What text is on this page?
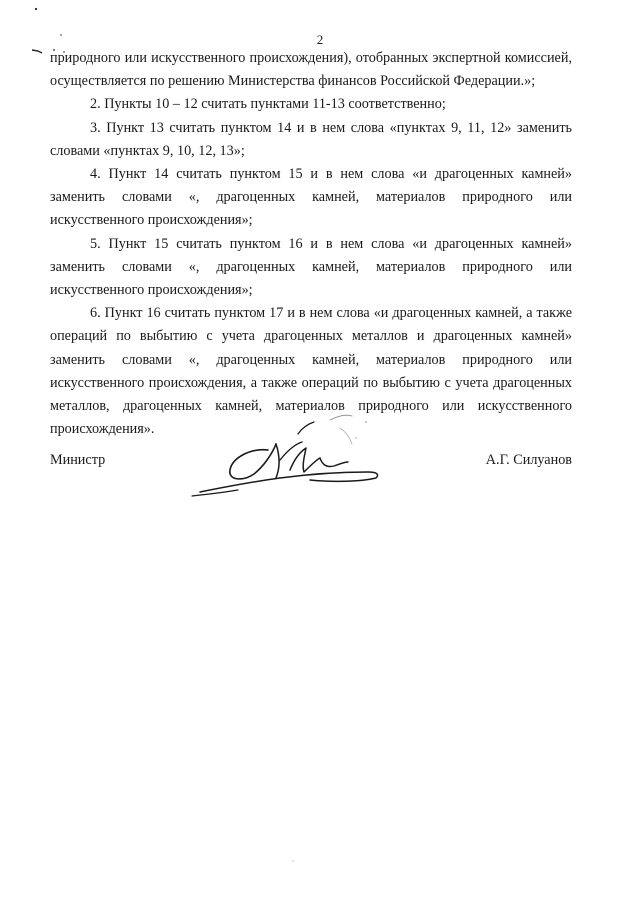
2

природного или искусственного происхождения), отобранных экспертной комиссией, осуществляется по решению Министерства финансов Российской Федерации.»;

2. Пункты 10 – 12 считать пунктами 11-13 соответственно;

3. Пункт 13 считать пунктом 14 и в нем слова «пунктах 9, 11, 12» заменить словами «пунктах 9, 10, 12, 13»;

4. Пункт 14 считать пунктом 15 и в нем слова «и драгоценных камней» заменить словами «, драгоценных камней, материалов природного или искусственного происхождения»;

5. Пункт 15 считать пунктом 16 и в нем слова «и драгоценных камней» заменить словами «, драгоценных камней, материалов природного или искусственного происхождения»;

6. Пункт 16 считать пунктом 17 и в нем слова «и драгоценных камней, а также операций по выбытию с учета драгоценных металлов и драгоценных камней» заменить словами «, драгоценных камней, материалов природного или искусственного происхождения, а также операций по выбытию с учета драгоценных металлов, драгоценных камней, материалов природного или искусственного происхождения».

Министр	А.Г. Силуанов
